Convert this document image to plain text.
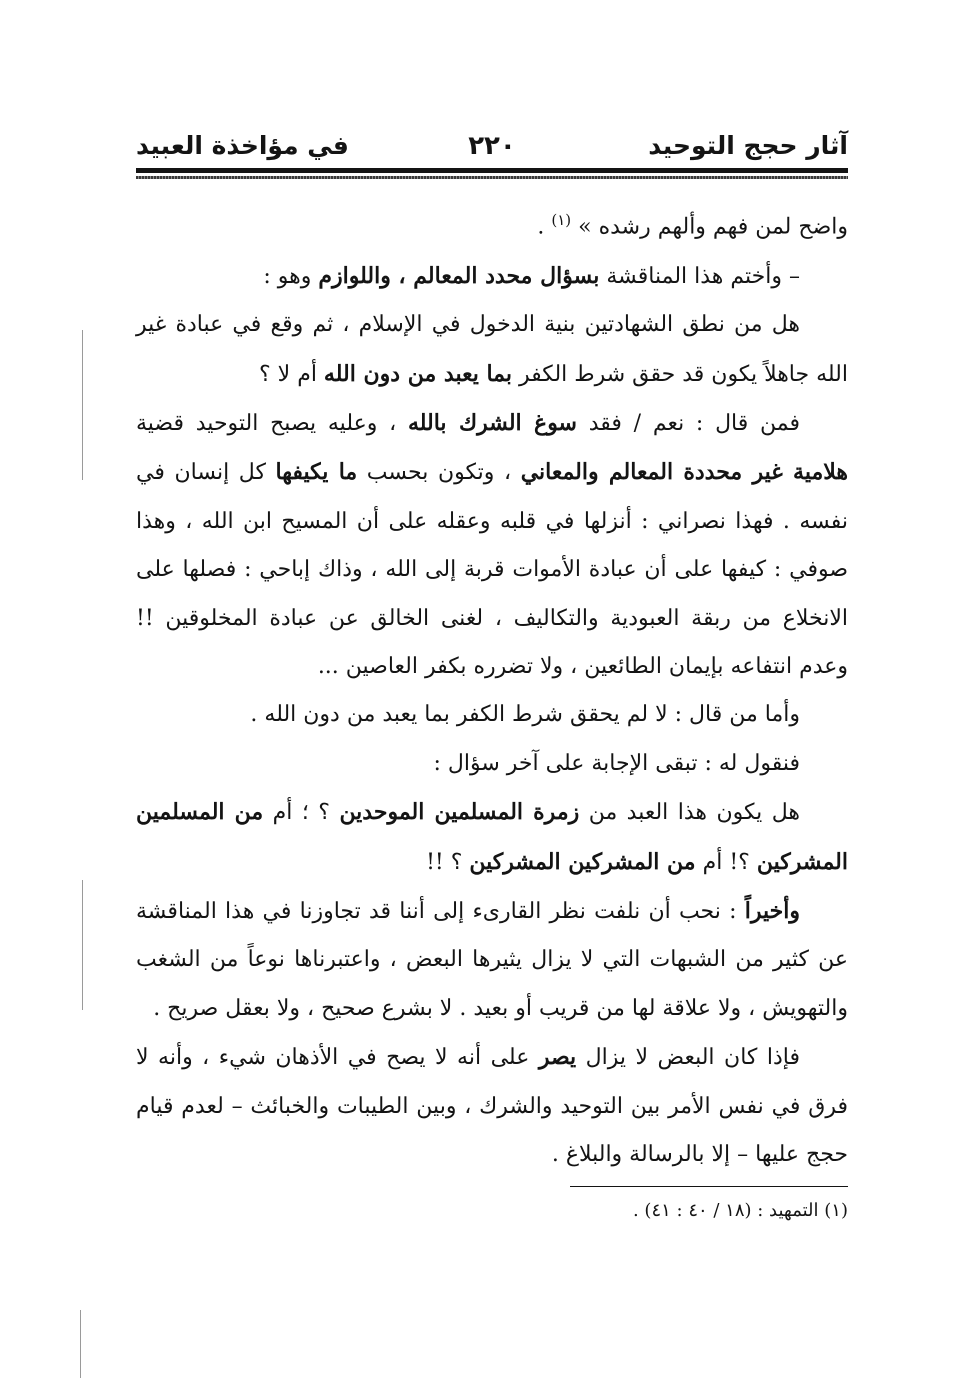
آثار حجج التوحيد
٢٢٠
في مؤاخذة العبيد

واضح لمن فهم وألهم رشده » $^{(١)}$ .

– وأختم هذا المناقشة بسؤال محدد المعالم ، واللوازم وهو :

هل من نطق الشهادتين بنية الدخول في الإسلام ، ثم وقع في عبادة غير الله جاهلاً يكون قد حقق شرط الكفر بما يعبد من دون الله أم لا ؟

فمن قال : نعم / فقد سوغ الشرك بالله ، وعليه يصبح التوحيد قضية هلامية غير محددة المعالم والمعاني ، وتكون بحسب ما يكيفها كل إنسان في نفسه . فهذا نصراني : أنزلها في قلبه وعقله على أن المسيح ابن الله ، وهذا صوفي : كيفها على أن عبادة الأموات قربة إلى الله ، وذاك إباحي : فصلها على الانخلاع من ربقة العبودية والتكاليف ، لغنى الخالق عن عبادة المخلوقين !! وعدم انتفاعه بإيمان الطائعين ، ولا تضرره بكفر العاصين ...

وأما من قال : لا لم يحقق شرط الكفر بما يعبد من دون الله .

فنقول له : تبقى الإجابة على آخر سؤال :

هل يكون هذا العبد من زمرة المسلمين الموحدين ؟ ؛ أم من المسلمين المشركين ؟! أم من المشركين المشركين ؟ !!

وأخيراً : نحب أن نلفت نظر القارىء إلى أننا قد تجاوزنا في هذا المناقشة عن كثير من الشبهات التي لا يزال يثيرها البعض ، واعتبرناها نوعاً من الشغب والتهويش ، ولا علاقة لها من قريب أو بعيد . لا بشرع صحيح ، ولا بعقل صريح .

فإذا كان البعض لا يزال يصر على أنه لا يصح في الأذهان شيء ، وأنه لا فرق في نفس الأمر بين التوحيد والشرك ، وبين الطيبات والخبائث – لعدم قيام حجج عليها – إلا بالرسالة والبلاغ .

(١) التمهيد : (١٨ / ٤٠ : ٤١) .
